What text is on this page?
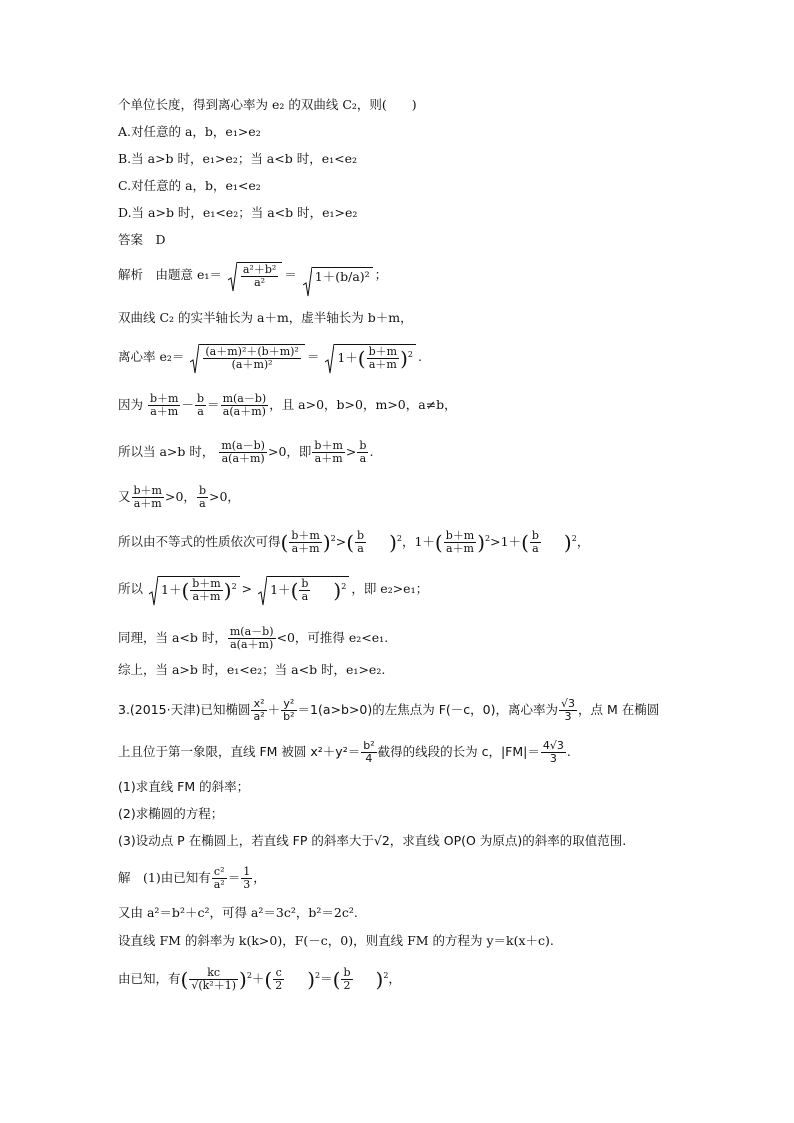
个单位长度，得到离心率为 e₂ 的双曲线 C₂，则(　　)
A.对任意的 a，b，e₁>e₂
B.当 a>b 时，e₁>e₂；当 a<b 时，e₁<e₂
C.对任意的 a，b，e₁<e₂
D.当 a>b 时，e₁<e₂；当 a<b 时，e₁>e₂
答案　D
解析　由题意 $e_1= \frac{\text{a²＋b²}}{\text{a²}}$ ＝
1＋(b/a)² ；
双曲线 C₂ 的实半轴长为 a＋m，虚半轴长为 b＋m，
离心率 $e_2= \frac{\text{(a＋m)²＋(b＋m)²}}{\text{(a＋m)²}}$ ＝
$1+( \frac{b+m}{a+m} )^2$ .
因为 $\frac{b+m}{a+m} - \frac{b}{a} = \frac{m(a-b)}{a(a+m)}$ ，且 a>0，b>0，m>0，a≠b，
所以当 a>b 时， $\frac{m(a-b)}{a(a+m)} >0$，即 $\frac{b+m}{a+m} > \frac{b}{a}$ .
又 $\frac{b+m}{a+m} >0$， $\frac{b}{a} >0$，
所以由不等式的性质依次可得( $\frac{b+m}{a+m} )^2>( \frac{b}{a} )^2$，$1+( \frac{b+m}{a+m} )^2>1+( \frac{b}{a} )^2$，
所以 $1+( \frac{b+m}{a+m} )^2$ >
$1+( \frac{b}{a} )^2$ ，即 e₂>e₁；
同理，当 a<b 时， $\frac{m(a-b)}{a(a+m)} <0$，可推得 e₂<e₁.
综上，当 a>b 时，e₁<e₂；当 a<b 时，e₁>e₂.
3.(2015·天津)已知椭圆 $\frac{\text{x²}}{\text{a²}} + \frac{\text{y²}}{\text{b²}} =1(a>b>0)$的左焦点为 F(－c，0)，离心率为 $\frac{√3}{3}$ ，点 M 在椭圆
上且位于第一象限，直线 FM 被圆 $x^2+y^2= \frac{\text{b²}}{4}$ 截得的线段的长为 c，$|FM|= \frac{4√3}{3}$ .
(1)求直线 FM 的斜率；
(2)求椭圆的方程；
(3)设动点 P 在椭圆上，若直线 FP 的斜率大于√2，求直线 OP(O 为原点)的斜率的取值范围.
解　(1)由已知有 $\frac{\text{c²}}{\text{a²}} = \frac{1}{3}$ ，
又由 a²＝b²＋c²，可得 a²＝3c²，b²＝2c².
设直线 FM 的斜率为 k(k>0)，F(－c，0)，则直线 FM 的方程为 y＝k(x＋c).
由已知，有( $\frac{kc}{\text{√(k²＋1)}} )^2+( \frac{c}{2} )^2=( \frac{b}{2} )^2$，
